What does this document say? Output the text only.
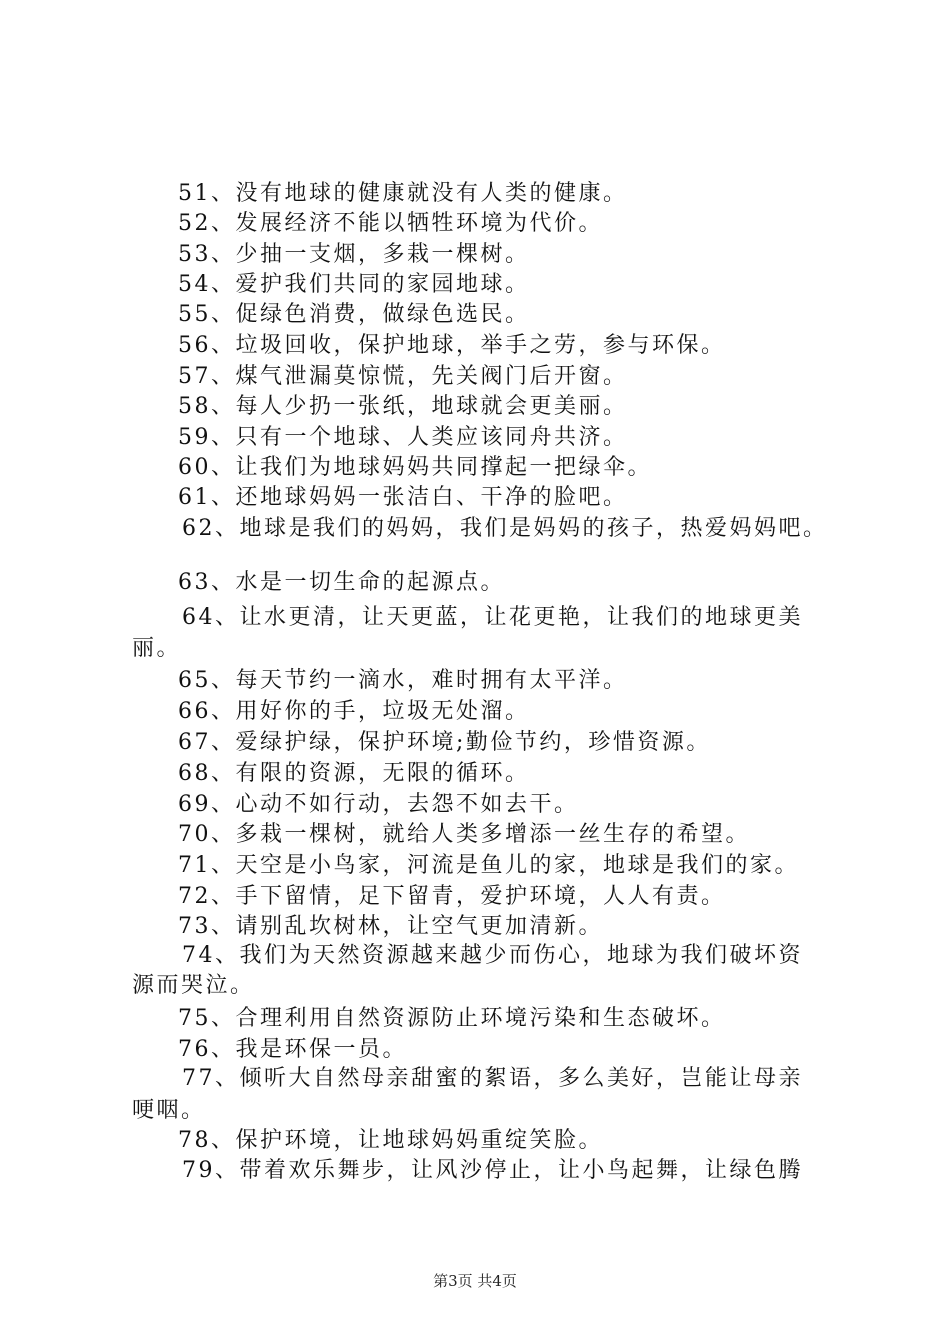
51、没有地球的健康就没有人类的健康。
52、发展经济不能以牺牲环境为代价。
53、少抽一支烟，多栽一棵树。
54、爱护我们共同的家园地球。
55、促绿色消费，做绿色选民。
56、垃圾回收，保护地球，举手之劳，参与环保。
57、煤气泄漏莫惊慌，先关阀门后开窗。
58、每人少扔一张纸，地球就会更美丽。
59、只有一个地球、人类应该同舟共济。
60、让我们为地球妈妈共同撑起一把绿伞。
61、还地球妈妈一张洁白、干净的脸吧。
62、地球是我们的妈妈，我们是妈妈的孩子，热爱妈妈吧。
63、水是一切生命的起源点。
64、让水更清，让天更蓝，让花更艳，让我们的地球更美
丽。
65、每天节约一滴水，难时拥有太平洋。
66、用好你的手，垃圾无处溜。
67、爱绿护绿，保护环境;勤俭节约，珍惜资源。
68、有限的资源，无限的循环。
69、心动不如行动，去怨不如去干。
70、多栽一棵树，就给人类多增添一丝生存的希望。
71、天空是小鸟家，河流是鱼儿的家，地球是我们的家。
72、手下留情，足下留青，爱护环境，人人有责。
73、请别乱坎树林，让空气更加清新。
74、我们为天然资源越来越少而伤心，地球为我们破坏资
源而哭泣。
75、合理利用自然资源防止环境污染和生态破坏。
76、我是环保一员。
77、倾听大自然母亲甜蜜的絮语，多么美好，岂能让母亲
哽咽。
78、保护环境，让地球妈妈重绽笑脸。
79、带着欢乐舞步，让风沙停止，让小鸟起舞，让绿色腾
第3页 共4页
